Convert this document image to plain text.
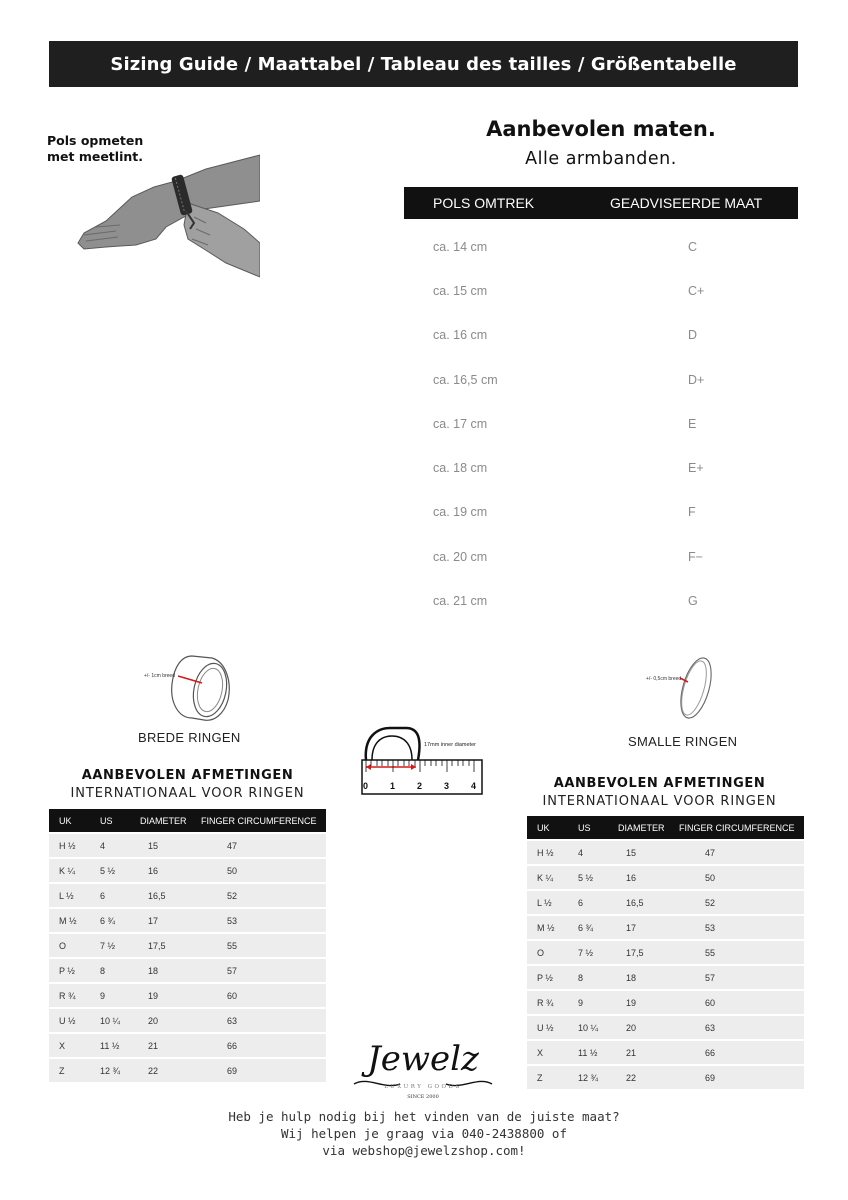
Sizing Guide / Maattabel / Tableau des tailles / Größentabelle
Pols opmeten
met meetlint.
Aanbevolen maten.
Alle armbanden.
POLS OMTREK	GEADVISEERDE MAAT
ca. 14 cm	C
ca. 15 cm	C+
ca. 16 cm	D
ca. 16,5 cm	D+
ca. 17 cm	E
ca. 18 cm	E+
ca. 19 cm	F
ca. 20 cm	F−
ca. 21 cm	G
+/- 1cm breed
BREDE RINGEN
+/- 0,5cm breed
SMALLE RINGEN
17mm inner diameter
0 1 2 3 4
AANBEVOLEN AFMETINGEN
INTERNATIONAAL VOOR RINGEN
UK	US	DIAMETER FINGER CIRCUMFERENCE
H ½	4	15	47
K ¼	5 ½	16	50
L ½	6	16,5	52
M ½	6 ¾	17	53
O	7 ½	17,5	55
P ½	8	18	57
R ¾	9	19	60
U ½	10 ¼	20	63
X	11 ½	21	66
Z	12 ¾	22	69
AANBEVOLEN AFMETINGEN
INTERNATIONAAL VOOR RINGEN
UK	US	DIAMETER FINGER CIRCUMFERENCE
H ½	4	15	47
K ¼	5 ½	16	50
L ½	6	16,5	52
M ½	6 ¾	17	53
O	7 ½	17,5	55
P ½	8	18	57
R ¾	9	19	60
U ½	10 ¼	20	63
X	11 ½	21	66
Z	12 ¾	22	69
Jewelz
LUXURY GOODS
SINCE 2000
Heb je hulp nodig bij het vinden van de juiste maat?
Wij helpen je graag via 040-2438800 of
via webshop@jewelzshop.com!
